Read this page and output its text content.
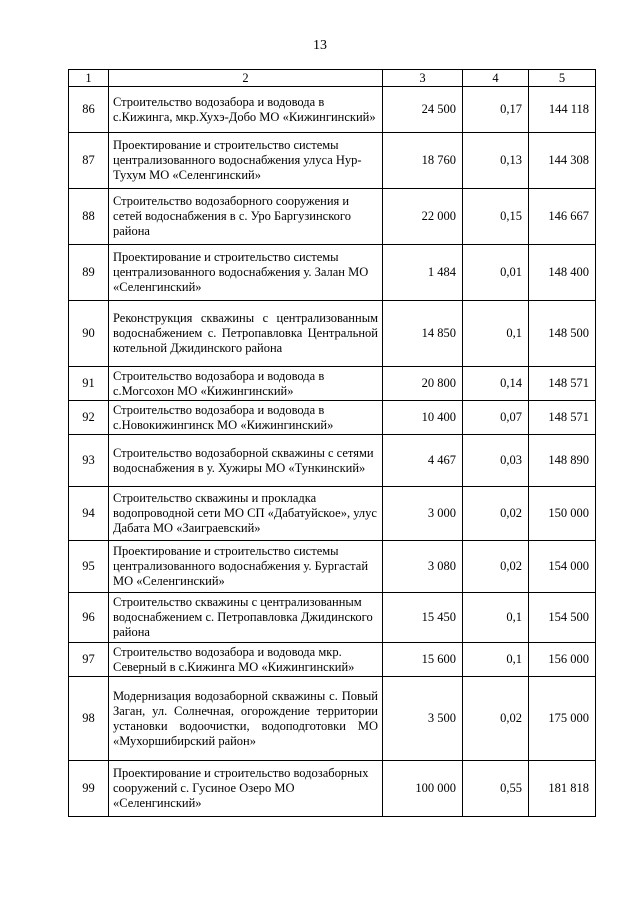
13
1	2	3	4	5
86	Строительство водозабора и водовода в с.Кижинга, мкр.Хухэ-Добо МО «Кижингинский»	24 500	0,17	144 118
87	Проектирование и строительство системы централизованного водоснабжения улуса Нур-Тухум МО «Селенгинский»	18 760	0,13	144 308
88	Строительство водозаборного сооружения и сетей водоснабжения в с. Уро Баргузинского района	22 000	0,15	146 667
89	Проектирование и строительство системы централизованного водоснабжения у. Залан МО «Селенгинский»	1 484	0,01	148 400
90	Реконструкция скважины с централизованным водоснабжением с. Петропавловка Центральной котельной Джидинского района	14 850	0,1	148 500
91	Строительство водозабора и водовода в с.Могсохон МО «Кижингинский»	20 800	0,14	148 571
92	Строительство водозабора и водовода в с.Новокижингинск МО «Кижингинский»	10 400	0,07	148 571
93	Строительство водозаборной скважины с сетями водоснабжения в у. Хужиры МО «Тункинский»	4 467	0,03	148 890
94	Строительство скважины и прокладка водопроводной сети МО СП «Дабатуйское», улус Дабата МО «Заиграевский»	3 000	0,02	150 000
95	Проектирование и строительство системы централизованного водоснабжения у. Бургастай МО «Селенгинский»	3 080	0,02	154 000
96	Строительство скважины с централизованным водоснабжением с. Петропавловка Джидинского района	15 450	0,1	154 500
97	Строительство водозабора и водовода мкр. Северный в с.Кижинга МО «Кижингинский»	15 600	0,1	156 000
98	Модернизация водозаборной скважины с. Повый Заган, ул. Солнечная, огорождение территории установки водоочистки, водоподготовки МО «Мухоршибирский район»	3 500	0,02	175 000
99	Проектирование и строительство водозаборных сооружений с. Гусиное Озеро МО «Селенгинский»	100 000	0,55	181 818
